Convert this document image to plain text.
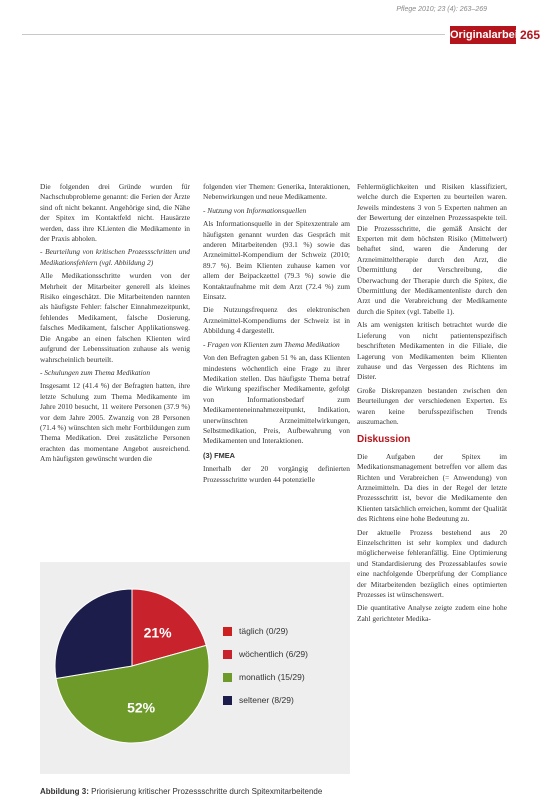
Pflege 2010; 23 (4): 263–269
Originalarbeit
265

Die folgenden drei Gründe wurden für Nachschubprobleme genannt: die Ferien der Ärzte sind oft nicht bekannt. Angehörige sind, die Nähe der Spitex im Kontaktfeld nicht. Hausärzte werden, dass ihre KLienten die Medikamente in der Praxis abholen.

- Beurteilung von kritischen Prozessschritten und Medikationsfehlern (vgl. Abbildung 2)

Alle Medikationsschritte wurden von der Mehrheit der Mitarbeiter generell als kleines Risiko eingeschätzt. Die Mitarbeitenden nannten als häufigste Fehler: falscher Einnahmezeitpunkt, fehlendes Medikament, falsche Dosierung, falsches Medikament, falscher Applikationsweg. Die Angabe an einen falschen Klienten wird aufgrund der Lebenssituation zuhause als wenig wahrscheinlich beurteilt.

- Schulungen zum Thema Medikation

Insgesamt 12 (41.4 %) der Befragten hatten, ihre letzte Schulung zum Thema Medikamente im Jahre 2010 besucht, 11 weitere Personen (37.9 %) vor dem Jahre 2005. Zwanzig von 28 Personen (71.4 %) wünschten sich mehr Fortbildungen zum Thema Medikation. Drei zusätzliche Personen erachten das momentane Angebot ausreichend. Am häufigsten gewünscht wurden die

folgenden vier Themen: Generika, Interaktionen, Nebenwirkungen und neue Medikamente.

- Nutzung von Informationsquellen

Als Informationsquelle in der Spitexzentrale am häufigsten genannt wurden das Gespräch mit anderen Mitarbeitenden (93.1 %) sowie das Arzneimittel-Kompendium der Schweiz (2010; 89.7 %). Beim Klienten zuhause kamen vor allem der Beipackzettel (79.3 %) sowie die Kontaktaufnahme mit dem Arzt (72.4 %) zum Einsatz.

Die Nutzungsfrequenz des elektronischen Arzneimittel-Kompendiums der Schweiz ist in Abbildung 4 dargestellt.

- Fragen von Klienten zum Thema Medikation

Von den Befragten gaben 51 % an, dass Klienten mindestens wöchentlich eine Frage zu ihrer Medikation stellen. Das häufigste Thema betraf die Wirkung spezifischer Medikamente, gefolgt von Informationsbedarf zum Medikamenteneinnahmezeitpunkt, Indikation, unerwünschten Arzneimittelwirkungen, Selbstmedikation, Preis, Aufbewahrung von Medikamenten und Interaktionen.

(3) FMEA

Innerhalb der 20 vorgängig definierten Prozessschritte wurden 44 potenzielle

Fehlermöglichkeiten und Risiken klassifiziert, welche durch die Experten zu beurteilen waren. Jeweils mindestens 3 von 5 Experten nahmen an der Bewertung der einzelnen Prozessaspekte teil. Die Prozessschritte, die gemäß Ansicht der Experten mit dem höchsten Risiko (Mittelwert) behaftet sind, waren die Änderung der Arzneimitteltherapie durch den Arzt, die Übermittlung der Verschreibung, die Überwachung der Therapie durch die Spitex, die Übermittlung der Medikamentenliste durch den Arzt und die Verabreichung der Medikamente durch die Spitex (vgl. Tabelle 1).

Als am wenigsten kritisch betrachtet wurde die Lieferung von nicht patientenspezifisch beschrifteten Medikamenten in die Filiale, die Lagerung von Medikamenten beim Klienten zuhause und das Vergessen des Richtens im Dister.

Große Diskrepanzen bestanden zwischen den Beurteilungen der verschiedenen Experten. Es waren keine berufsspezifischen Trends auszumachen.

Diskussion

Die Aufgaben der Spitex im Medikationsmanagement betreffen vor allem das Richten und Verabreichen (= Anwendung) von Arzneimitteln. Da dies in der Regel der letzte Prozessschritt ist, bevor die Medikamente den Klienten tatsächlich erreichen, kommt der Qualität des Richtens eine hohe Bedeutung zu.

Der aktuelle Prozess bestehend aus 20 Einzelschritten ist sehr komplex und dadurch möglicherweise fehleranfällig. Eine Optimierung und Standardisierung des Prozessablaufes sowie eine nachfolgende Überprüfung der Compliance der Mitarbeitenden bezüglich eines optimierten Prozesses ist wünschenswert.

Die quantitative Analyse zeigte zudem eine hohe Zahl gerichteter Medika-

21%
52%
täglich (0/29)
wöchentlich (6/29)
monatlich (15/29)
seltener (8/29)
Abbildung 3: Priorisierung kritischer Prozessschritte durch Spitexmitarbeitende
